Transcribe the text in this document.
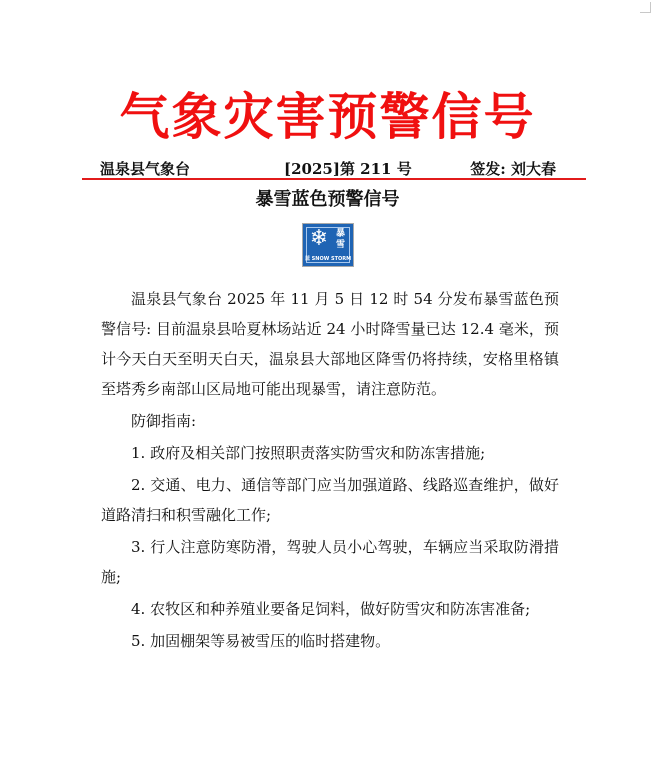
气象灾害预警信号
温泉县气象台	[2025]第 211 号	签发: 刘大春
暴雪蓝色预警信号
❄ 暴
雪
蓝 SNOW STORM

温泉县气象台 2025 年 11 月 5 日 12 时 54 分发布暴雪蓝色预警信号: 目前温泉县哈夏林场站近 24 小时降雪量已达 12.4 毫米，预计今天白天至明天白天，温泉县大部地区降雪仍将持续，安格里格镇至塔秀乡南部山区局地可能出现暴雪，请注意防范。

防御指南:

1. 政府及相关部门按照职责落实防雪灾和防冻害措施;

2. 交通、电力、通信等部门应当加强道路、线路巡查维护，做好道路清扫和积雪融化工作;

3. 行人注意防寒防滑，驾驶人员小心驾驶，车辆应当采取防滑措施;

4. 农牧区和种养殖业要备足饲料，做好防雪灾和防冻害准备;

5. 加固棚架等易被雪压的临时搭建物。
